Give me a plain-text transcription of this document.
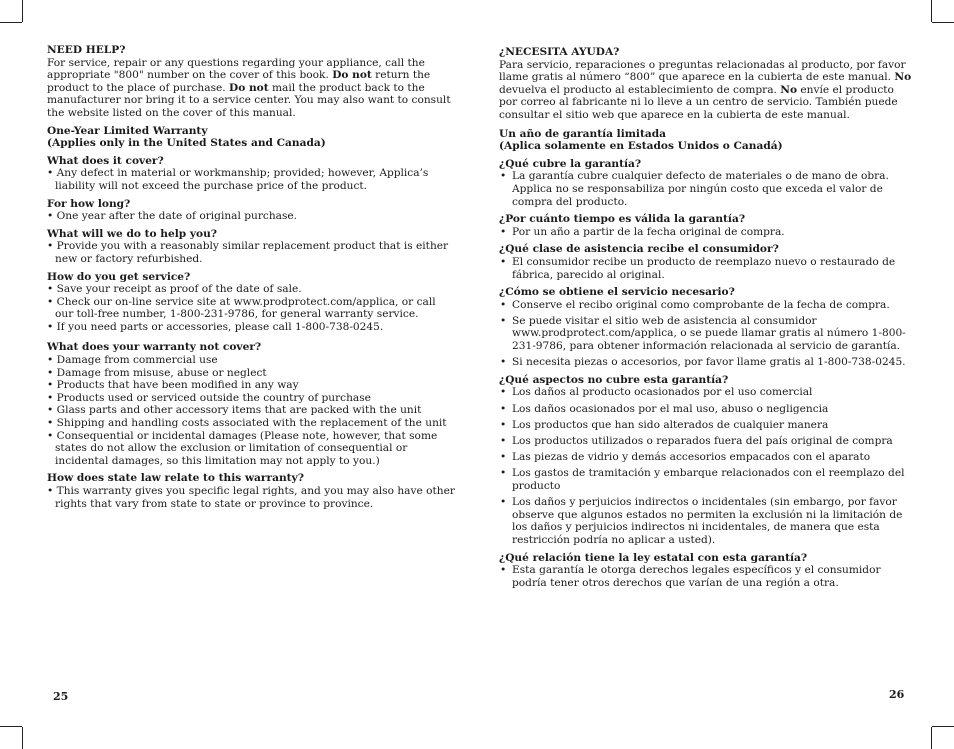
NEED HELP?

For service, repair or any questions regarding your appliance, call the appropriate "800" number on the cover of this book. Do not return the product to the place of purchase. Do not mail the product back to the manufacturer nor bring it to a service center. You may also want to consult the website listed on the cover of this manual.

One-Year Limited Warranty

(Applies only in the United States and Canada)

What does it cover?

• Any defect in material or workmanship; provided; however, Applica’s liability will not exceed the purchase price of the product.

For how long?

• One year after the date of original purchase.

What will we do to help you?

• Provide you with a reasonably similar replacement product that is either new or factory refurbished.

How do you get service?

• Save your receipt as proof of the date of sale.
• Check our on-line service site at www.prodprotect.com/applica, or call our toll-free number, 1-800-231-9786, for general warranty service.
• If you need parts or accessories, please call 1-800-738-0245.

What does your warranty not cover?

• Damage from commercial use
• Damage from misuse, abuse or neglect
• Products that have been modified in any way
• Products used or serviced outside the country of purchase
• Glass parts and other accessory items that are packed with the unit
• Shipping and handling costs associated with the replacement of the unit
• Consequential or incidental damages (Please note, however, that some states do not allow the exclusion or limitation of consequential or incidental damages, so this limitation may not apply to you.)

How does state law relate to this warranty?

• This warranty gives you specific legal rights, and you may also have other rights that vary from state to state or province to province.

¿NECESITA AYUDA?

Para servicio, reparaciones o preguntas relacionadas al producto, por favor llame gratis al número “800” que aparece en la cubierta de este manual. No devuelva el producto al establecimiento de compra. No envíe el producto por correo al fabricante ni lo lleve a un centro de servicio. También puede consultar el sitio web que aparece en la cubierta de este manual.

Un año de garantía limitada

(Aplica solamente en Estados Unidos o Canadá)

¿Qué cubre la garantía?

• La garantía cubre cualquier defecto de materiales o de mano de obra. Applica no se responsabiliza por ningún costo que exceda el valor de compra del producto.

¿Por cuánto tiempo es válida la garantía?

• Por un año a partir de la fecha original de compra.

¿Qué clase de asistencia recibe el consumidor?

• El consumidor recibe un producto de reemplazo nuevo o restaurado de fábrica, parecido al original.

¿Cómo se obtiene el servicio necesario?

• Conserve el recibo original como comprobante de la fecha de compra.
• Se puede visitar el sitio web de asistencia al consumidor www.prodprotect.com/applica, o se puede llamar gratis al número 1-800-231-9786, para obtener información relacionada al servicio de garantía.
• Si necesita piezas o accesorios, por favor llame gratis al 1-800-738-0245.

¿Qué aspectos no cubre esta garantía?

• Los daños al producto ocasionados por el uso comercial
• Los daños ocasionados por el mal uso, abuso o negligencia
• Los productos que han sido alterados de cualquier manera
• Los productos utilizados o reparados fuera del país original de compra
• Las piezas de vidrio y demás accesorios empacados con el aparato
• Los gastos de tramitación y embarque relacionados con el reemplazo del producto
• Los daños y perjuicios indirectos o incidentales (sin embargo, por favor observe que algunos estados no permiten la exclusión ni la limitación de los daños y perjuicios indirectos ni incidentales, de manera que esta restricción podría no aplicar a usted).

¿Qué relación tiene la ley estatal con esta garantía?

• Esta garantía le otorga derechos legales específicos y el consumidor podría tener otros derechos que varían de una región a otra.
25	26
